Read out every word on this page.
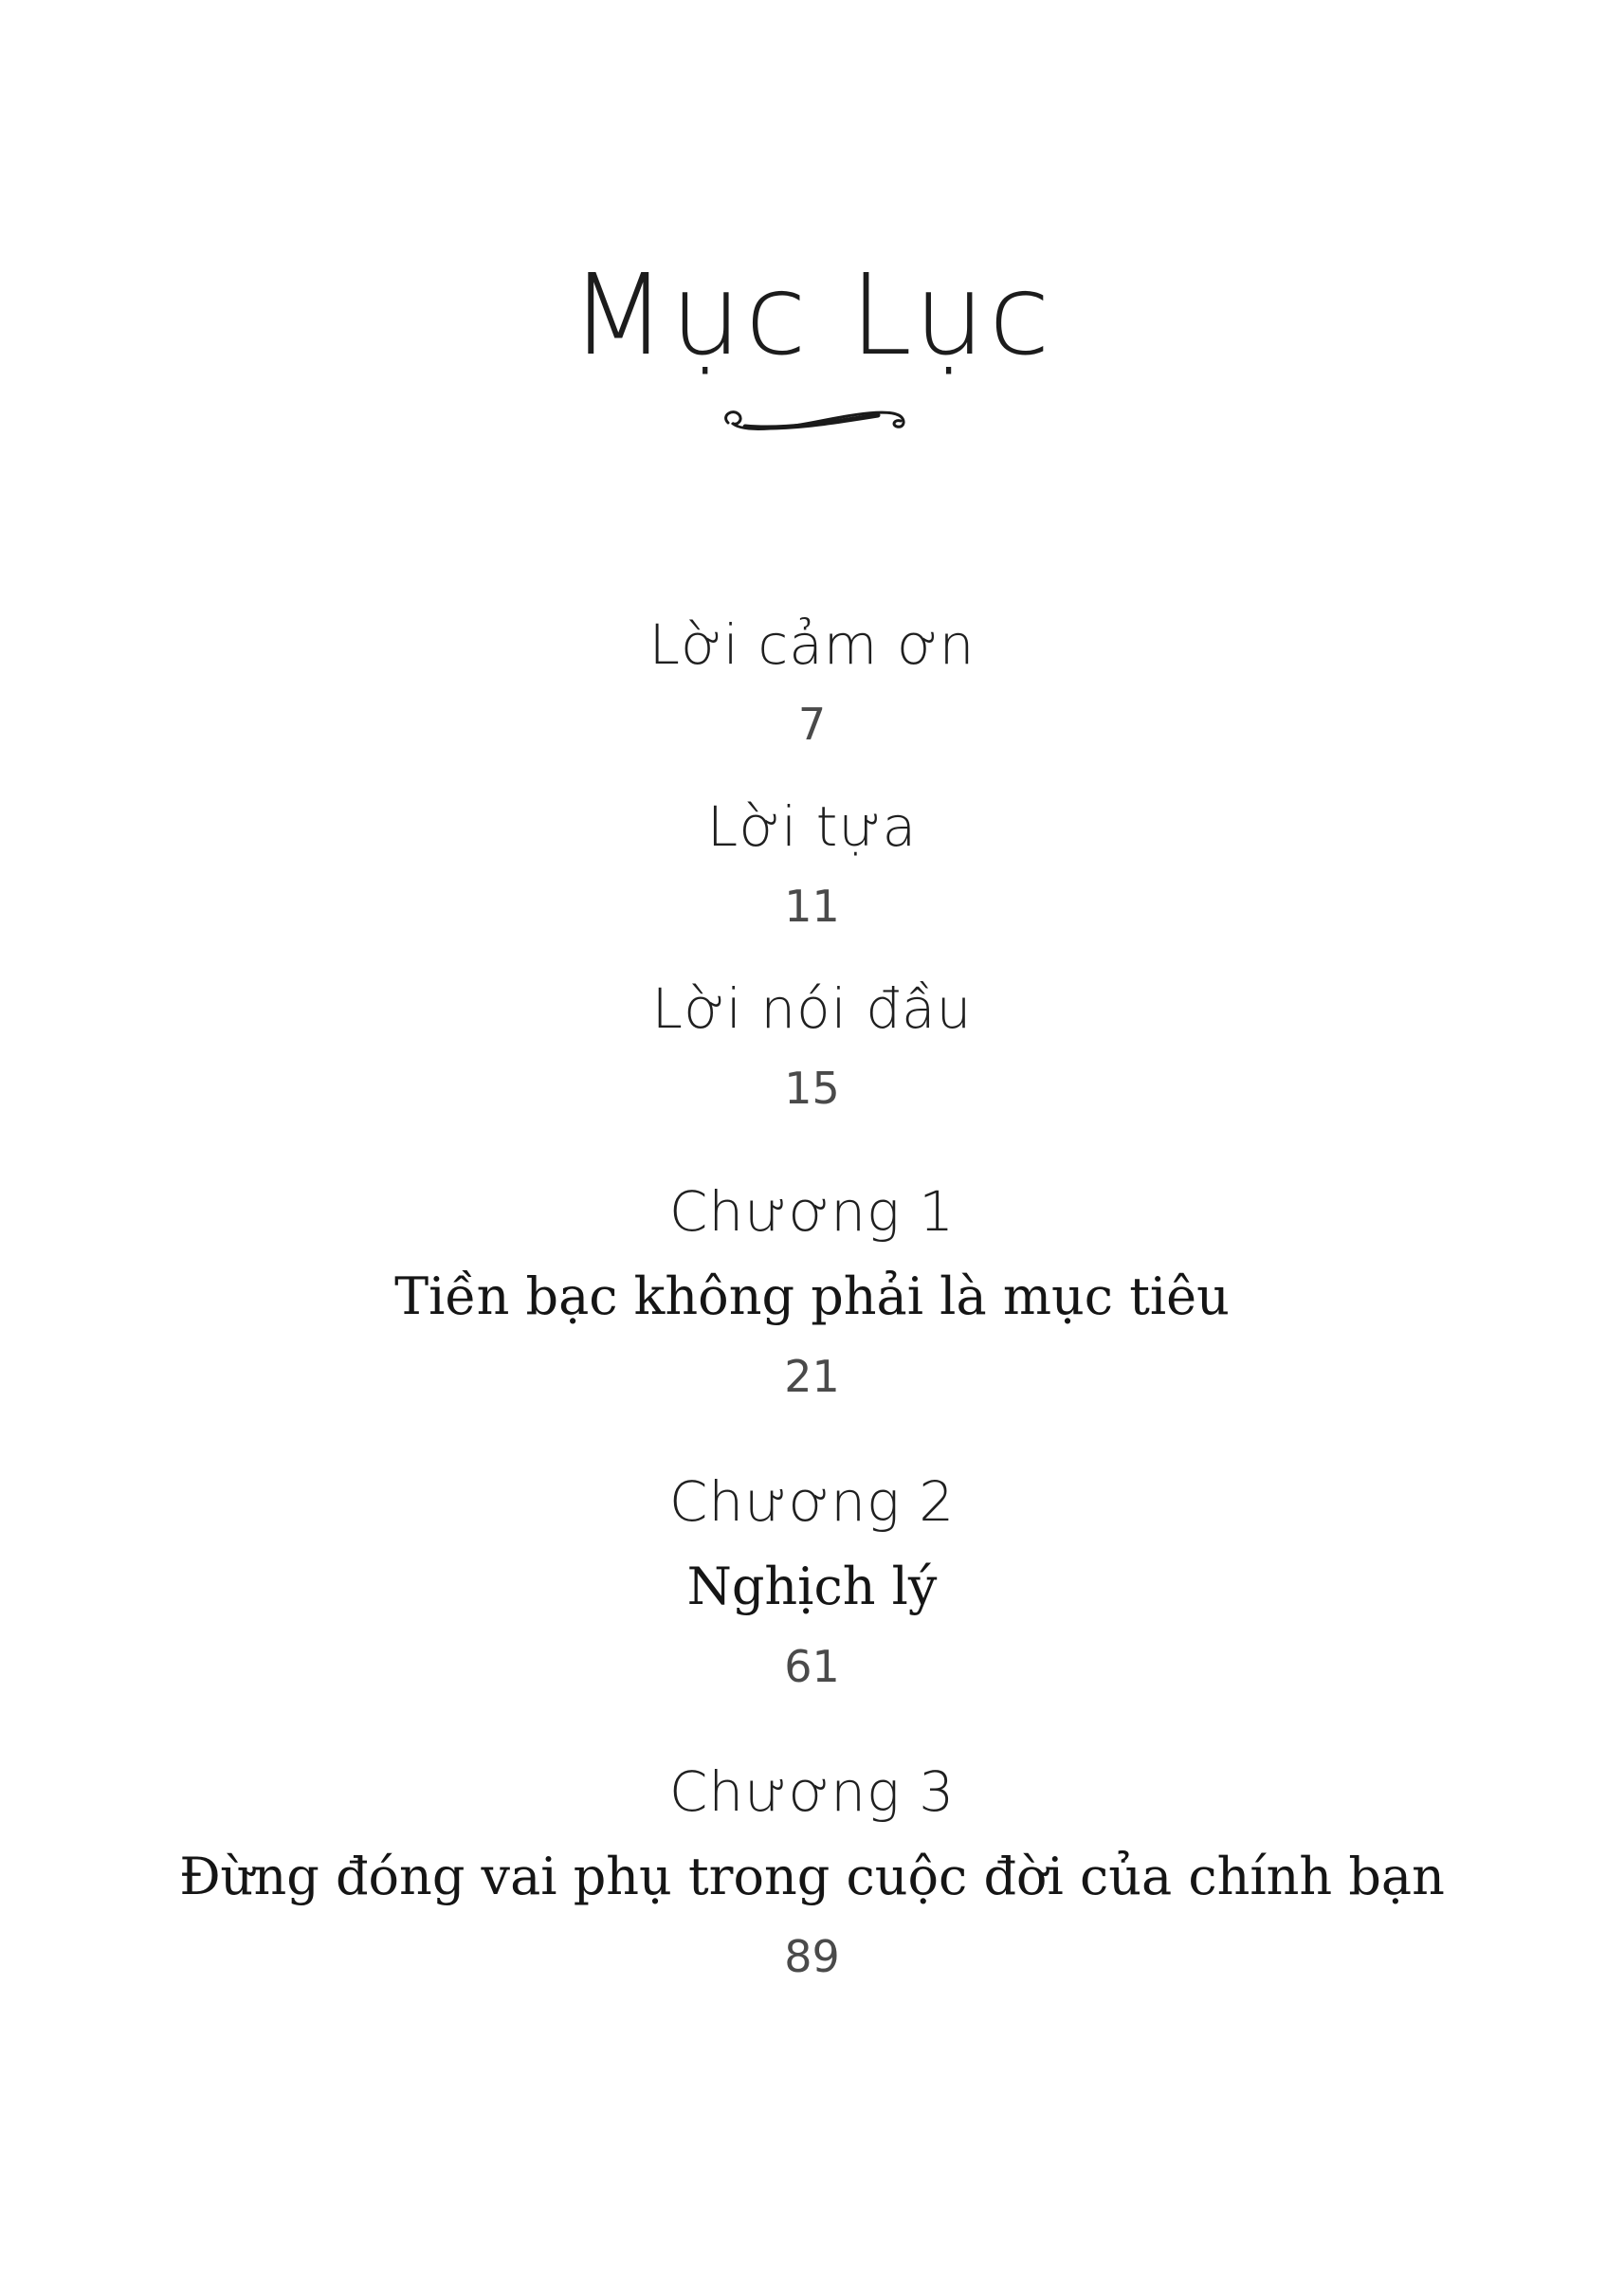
Mục Lục
Lời cảm ơn
7
Lời tựa
11
Lời nói đầu
15
Chương 1
Tiền bạc không phải là mục tiêu
21
Chương 2
Nghịch lý
61
Chương 3
Đừng đóng vai phụ trong cuộc đời của chính bạn
89
